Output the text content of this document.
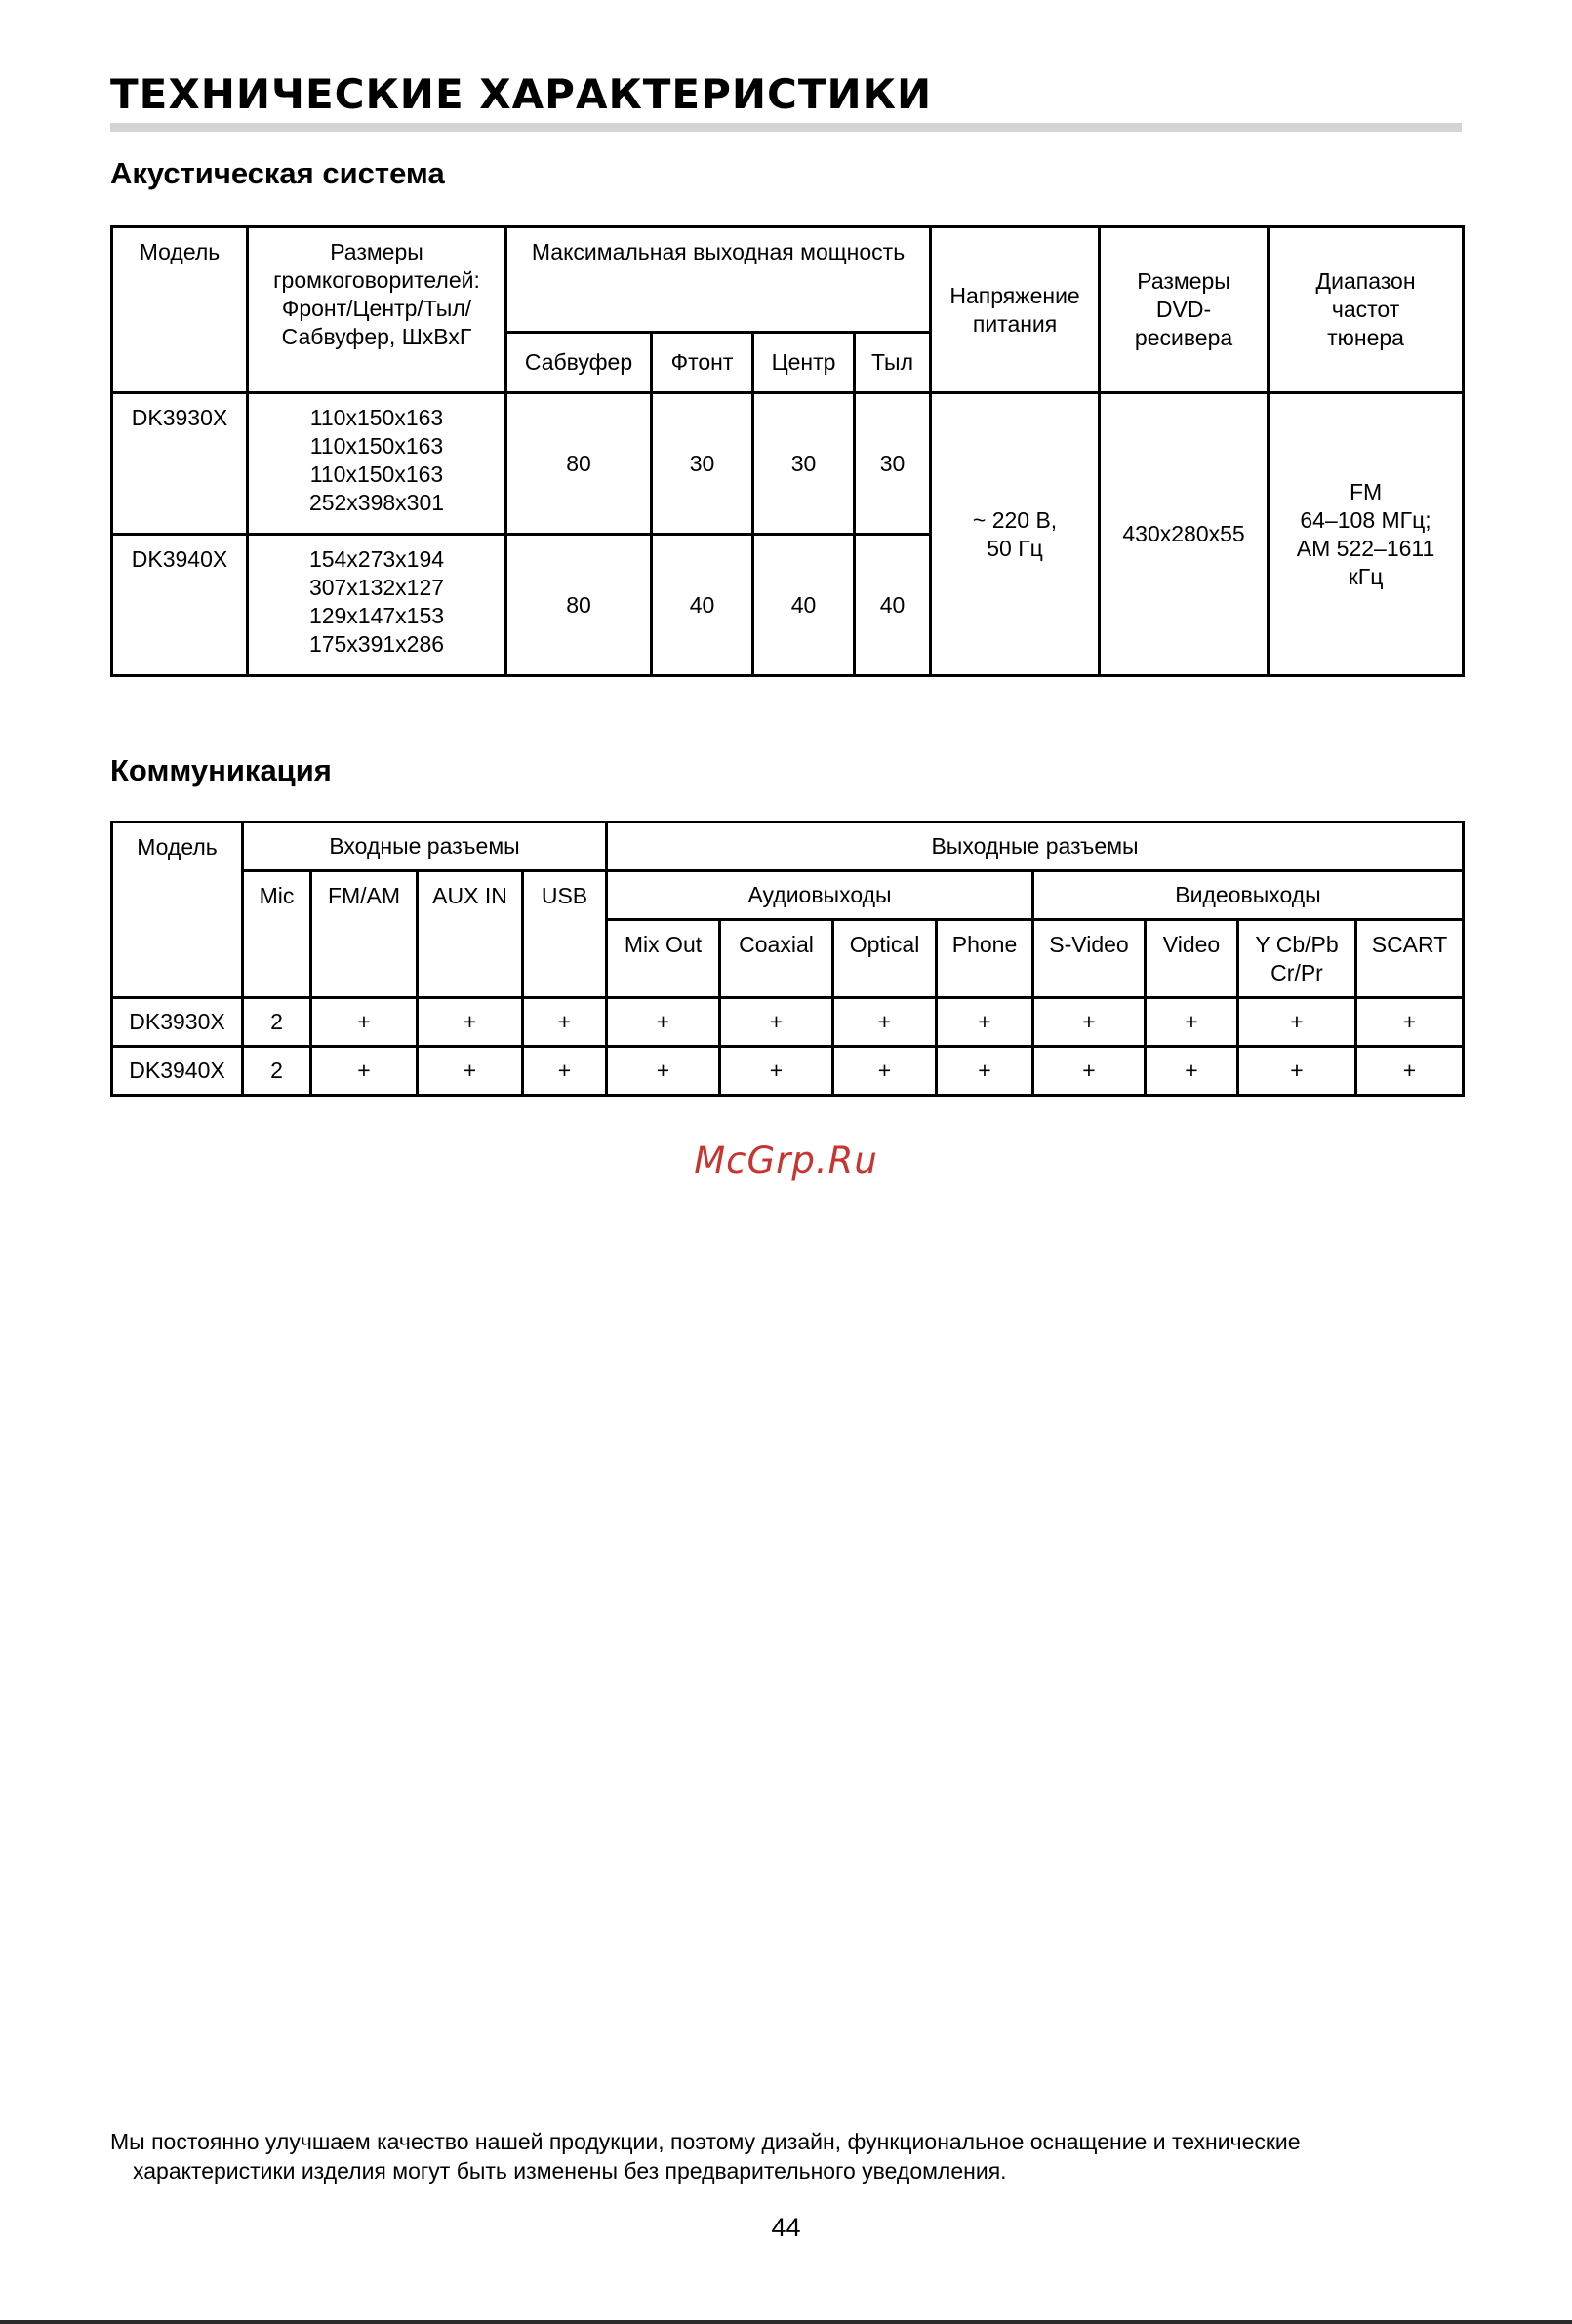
ТЕХНИЧЕСКИЕ ХАРАКТЕРИСТИКИ
Акустическая система
Модель	Размеры
громкоговорителей:
Фронт/Центр/Тыл/
Сабвуфер, ШхВхГ	Максимальная выходная мощность				Напряжение
питания	Размеры
DVD-
ресивера	Диапазон
частот
тюнера

		Сабвуфер	Фтонт	Центр	Тыл			
DK3930X	110x150x163
110x150x163
110x150x163
252x398x301	80	30	30	30	~ 220 В,
50 Гц	430x280x55	FM
64–108 МГц;
AM 522–1611
кГц

DK3940X	154x273x194
307x132x127
129x147x153
175x391x286	80	40	40	40			
Коммуникация
Модель	Входные разъемы				Выходные разъемы							
	Mic	FM/AM	AUX IN	USB	Аудиовыходы				Видеовыходы			
					Mix Out	Coaxial	Optical	Phone	S-Video	Video	Y Cb/Pb Cr/Pr	SCART
DK3930X	2	+	+	+	+	+	+	+	+	+	+	+
DK3940X	2	+	+	+	+	+	+	+	+	+	+	+
McGrp.Ru
Мы постоянно улучшаем качество нашей продукции, поэтому дизайн, функциональное оснащение и технические
характеристики изделия могут быть изменены без предварительного уведомления.
44
